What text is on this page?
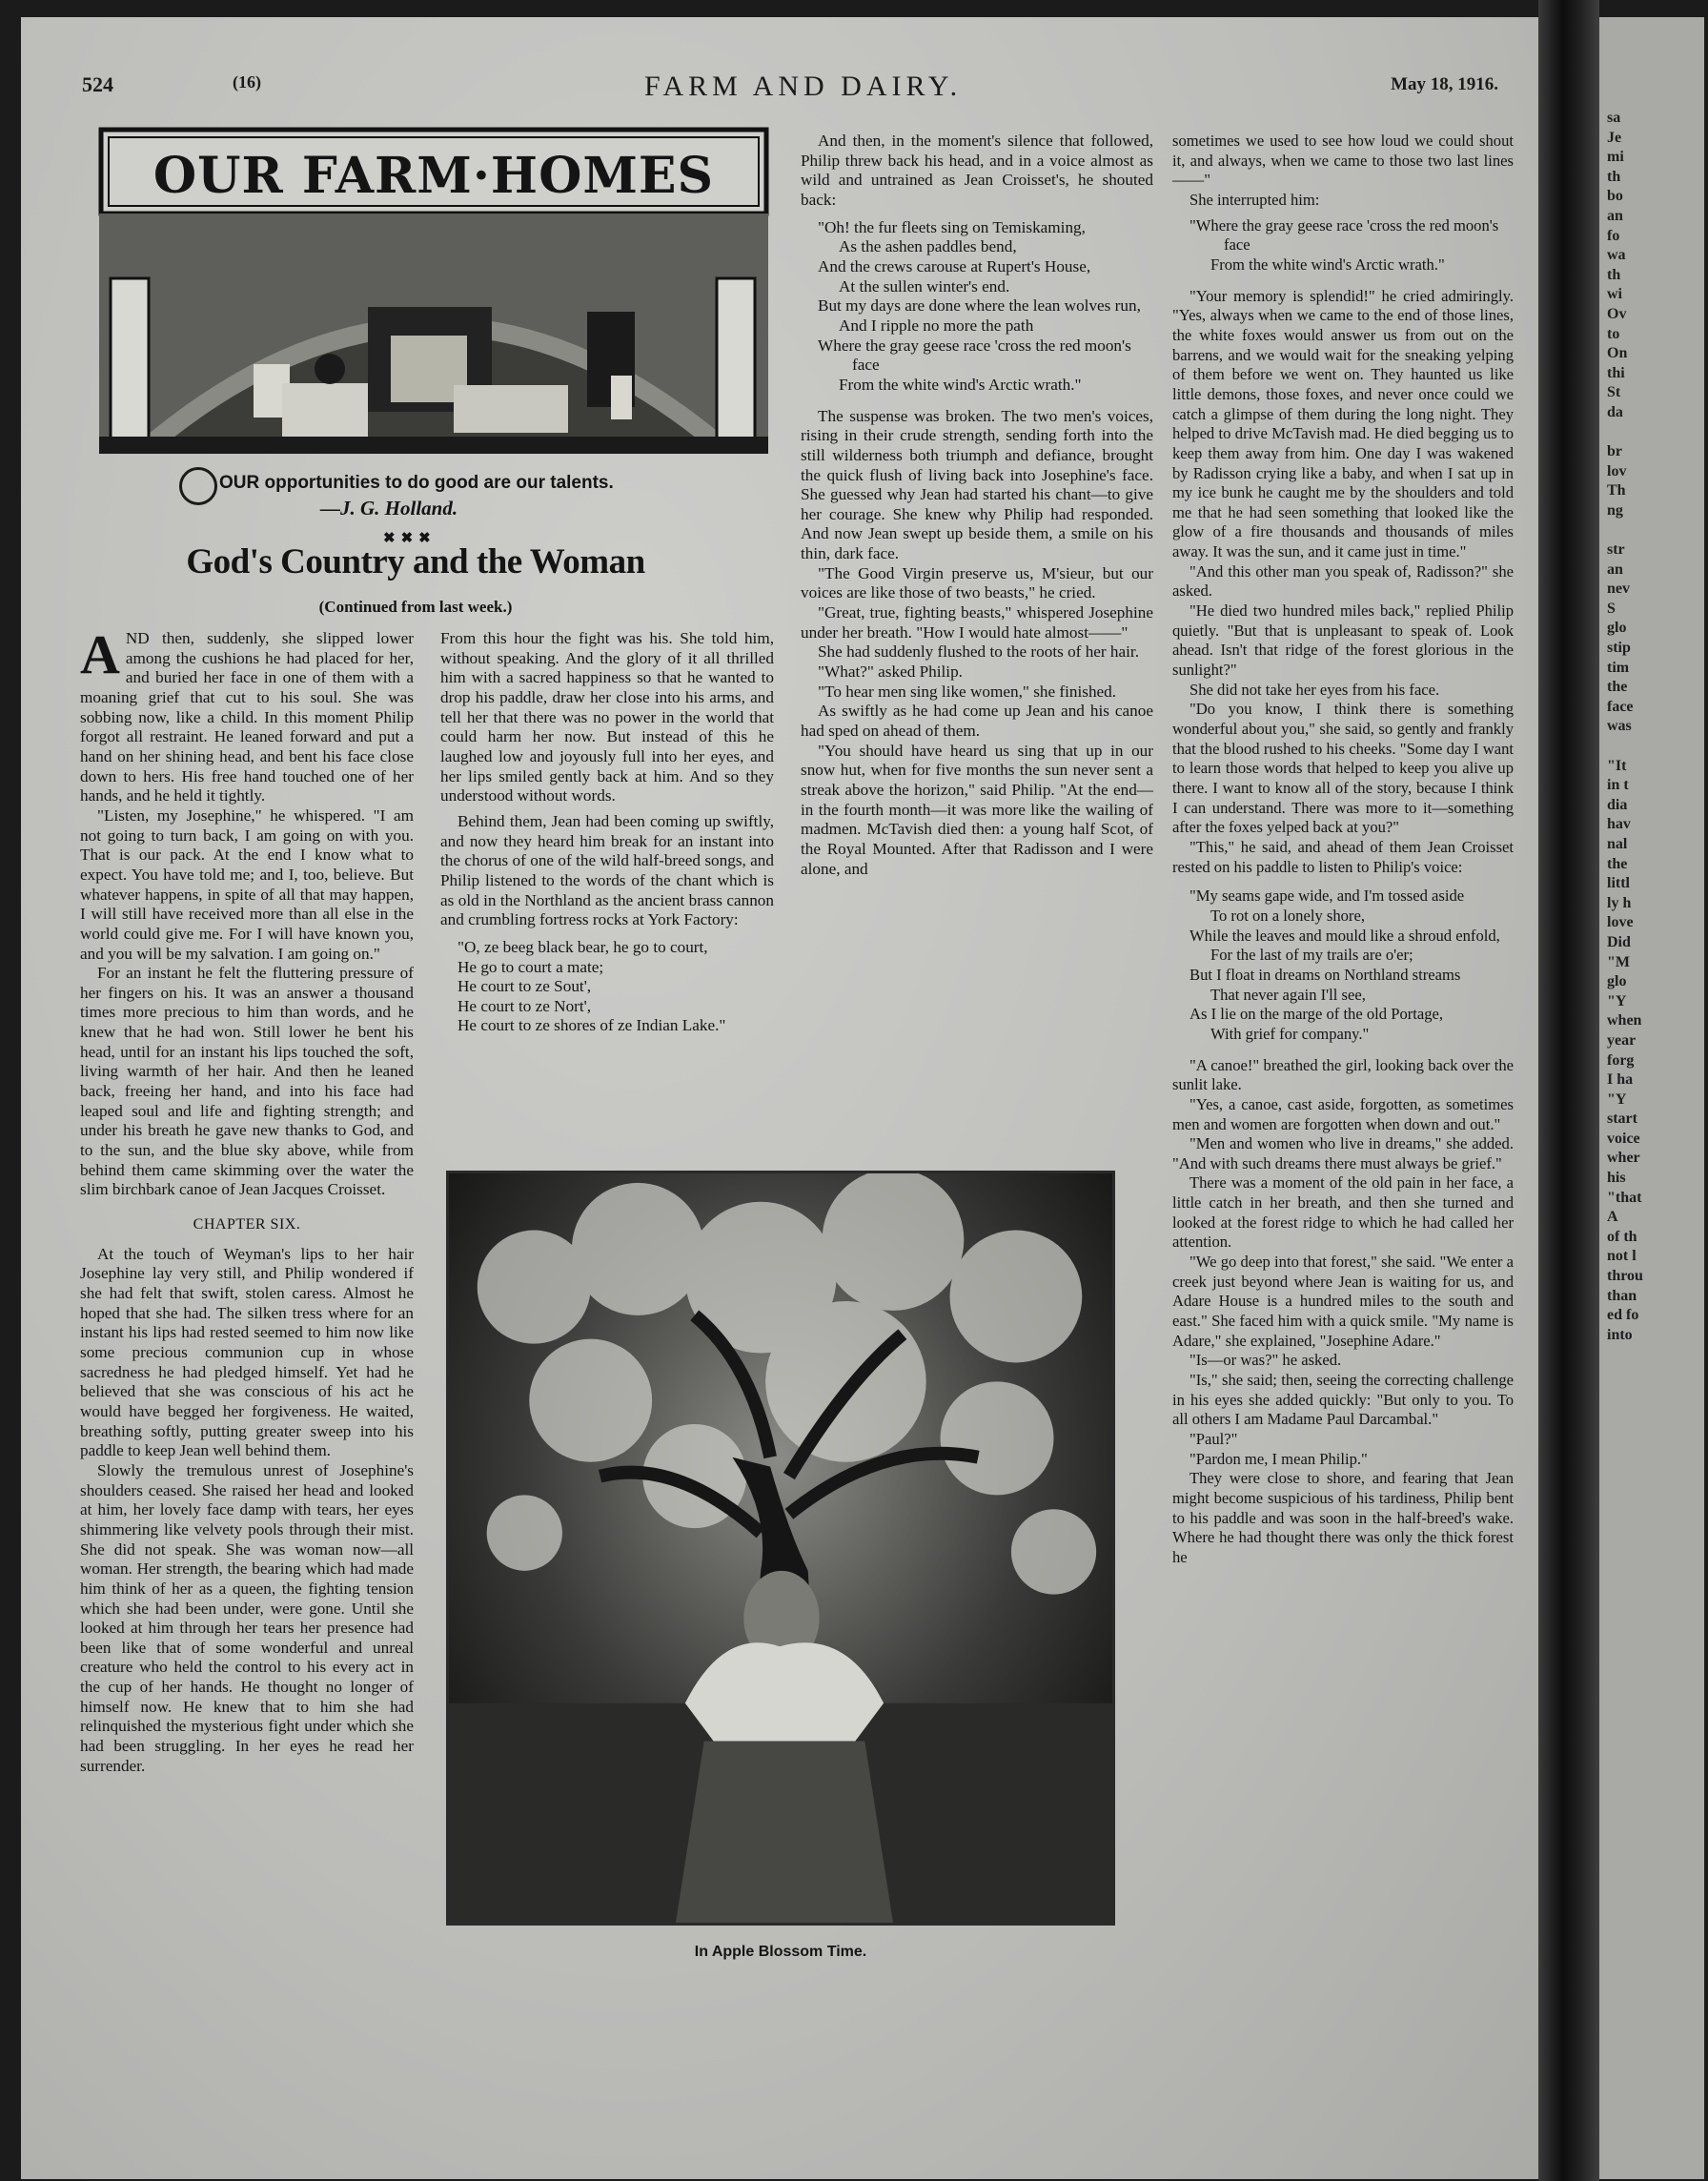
sa
Je
mi
th
bo
an
fo
wa
th
wi
Ov
to
On
thi
St
da

br
lov
Th
ng

str
an
nev
S
glo
stip
tim
the
face
was

"It
in t
dia
hav
nal
the
littl
ly h
love
Did
"M
glo
"Y
when
year
forg
I ha
"Y
start
voice
wher
his
"that
A
of th
not l
throu
than
ed fo
into
524	(16)	FARM AND DAIRY.	May 18, 1916.
OUR FARM·HOMES
OUR opportunities to do good are our talents.
—J. G. Holland.
✖✖✖
God's Country and the Woman
(Continued from last week.)

AND then, suddenly, she slipped lower among the cushions he had placed for her, and buried her face in one of them with a moaning grief that cut to his soul. She was sobbing now, like a child. In this moment Philip forgot all restraint. He leaned forward and put a hand on her shining head, and bent his face close down to hers. His free hand touched one of her hands, and he held it tightly.

"Listen, my Josephine," he whispered. "I am not going to turn back, I am going on with you. That is our pack. At the end I know what to expect. You have told me; and I, too, believe. But whatever happens, in spite of all that may happen, I will still have received more than all else in the world could give me. For I will have known you, and you will be my salvation. I am going on."

For an instant he felt the fluttering pressure of her fingers on his. It was an answer a thousand times more precious to him than words, and he knew that he had won. Still lower he bent his head, until for an instant his lips touched the soft, living warmth of her hair. And then he leaned back, freeing her hand, and into his face had leaped soul and life and fighting strength; and under his breath he gave new thanks to God, and to the sun, and the blue sky above, while from behind them came skimming over the water the slim birchbark canoe of Jean Jacques Croisset.

CHAPTER SIX.

At the touch of Weyman's lips to her hair Josephine lay very still, and Philip wondered if she had felt that swift, stolen caress. Almost he hoped that she had. The silken tress where for an instant his lips had rested seemed to him now like some precious communion cup in whose sacredness he had pledged himself. Yet had he believed that she was conscious of his act he would have begged her forgiveness. He waited, breathing softly, putting greater sweep into his paddle to keep Jean well behind them.

Slowly the tremulous unrest of Josephine's shoulders ceased. She raised her head and looked at him, her lovely face damp with tears, her eyes shimmering like velvety pools through their mist. She did not speak. She was woman now—all woman. Her strength, the bearing which had made him think of her as a queen, the fighting tension which she had been under, were gone. Until she looked at him through her tears her presence had been like that of some wonderful and unreal creature who held the control to his every act in the cup of her hands. He thought no longer of himself now. He knew that to him she had relinquished the mysterious fight under which she had been struggling. In her eyes he read her surrender.

From this hour the fight was his. She told him, without speaking. And the glory of it all thrilled him with a sacred happiness so that he wanted to drop his paddle, draw her close into his arms, and tell her that there was no power in the world that could harm her now. But instead of this he laughed low and joyously full into her eyes, and her lips smiled gently back at him. And so they understood without words.

Behind them, Jean had been coming up swiftly, and now they heard him break for an instant into the chorus of one of the wild half-breed songs, and Philip listened to the words of the chant which is as old in the Northland as the ancient brass cannon and crumbling fortress rocks at York Factory:

"O, ze beeg black bear, he go to court,
He go to court a mate;
He court to ze Sout',
He court to ze Nort',
He court to ze shores of ze Indian Lake."

And then, in the moment's silence that followed, Philip threw back his head, and in a voice almost as wild and untrained as Jean Croisset's, he shouted back:

"Oh! the fur fleets sing on Temiskaming,
As the ashen paddles bend,
And the crews carouse at Rupert's House,
At the sullen winter's end.
But my days are done where the lean wolves run,
And I ripple no more the path
Where the gray geese race 'cross the red moon's face
From the white wind's Arctic wrath."

The suspense was broken. The two men's voices, rising in their crude strength, sending forth into the still wilderness both triumph and defiance, brought the quick flush of living back into Josephine's face. She guessed why Jean had started his chant—to give her courage. She knew why Philip had responded. And now Jean swept up beside them, a smile on his thin, dark face.

"The Good Virgin preserve us, M'sieur, but our voices are like those of two beasts," he cried.

"Great, true, fighting beasts," whispered Josephine under her breath. "How I would hate almost——"

She had suddenly flushed to the roots of her hair.

"What?" asked Philip.

"To hear men sing like women," she finished.

As swiftly as he had come up Jean and his canoe had sped on ahead of them.

"You should have heard us sing that up in our snow hut, when for five months the sun never sent a streak above the horizon," said Philip. "At the end—in the fourth month—it was more like the wailing of madmen. McTavish died then: a young half Scot, of the Royal Mounted. After that Radisson and I were alone, and

sometimes we used to see how loud we could shout it, and always, when we came to those two last lines——"

She interrupted him:

"Where the gray geese race 'cross the red moon's face
From the white wind's Arctic wrath."

"Your memory is splendid!" he cried admiringly. "Yes, always when we came to the end of those lines, the white foxes would answer us from out on the barrens, and we would wait for the sneaking yelping of them before we went on. They haunted us like little demons, those foxes, and never once could we catch a glimpse of them during the long night. They helped to drive McTavish mad. He died begging us to keep them away from him. One day I was wakened by Radisson crying like a baby, and when I sat up in my ice bunk he caught me by the shoulders and told me that he had seen something that looked like the glow of a fire thousands and thousands of miles away. It was the sun, and it came just in time."

"And this other man you speak of, Radisson?" she asked.

"He died two hundred miles back," replied Philip quietly. "But that is unpleasant to speak of. Look ahead. Isn't that ridge of the forest glorious in the sunlight?"

She did not take her eyes from his face.

"Do you know, I think there is something wonderful about you," she said, so gently and frankly that the blood rushed to his cheeks. "Some day I want to learn those words that helped to keep you alive up there. I want to know all of the story, because I think I can understand. There was more to it—something after the foxes yelped back at you?"

"This," he said, and ahead of them Jean Croisset rested on his paddle to listen to Philip's voice:

"My seams gape wide, and I'm tossed aside
To rot on a lonely shore,
While the leaves and mould like a shroud enfold,
For the last of my trails are o'er;
But I float in dreams on Northland streams
That never again I'll see,
As I lie on the marge of the old Portage,
With grief for company."

"A canoe!" breathed the girl, looking back over the sunlit lake.

"Yes, a canoe, cast aside, forgotten, as sometimes men and women are forgotten when down and out."

"Men and women who live in dreams," she added. "And with such dreams there must always be grief."

There was a moment of the old pain in her face, a little catch in her breath, and then she turned and looked at the forest ridge to which he had called her attention.

"We go deep into that forest," she said. "We enter a creek just beyond where Jean is waiting for us, and Adare House is a hundred miles to the south and east." She faced him with a quick smile. "My name is Adare," she explained, "Josephine Adare."

"Is—or was?" he asked.

"Is," she said; then, seeing the correcting challenge in his eyes she added quickly: "But only to you. To all others I am Madame Paul Darcambal."

"Paul?"

"Pardon me, I mean Philip."

They were close to shore, and fearing that Jean might become suspicious of his tardiness, Philip bent to his paddle and was soon in the half-breed's wake. Where he had thought there was only the thick forest he

In Apple Blossom Time.
